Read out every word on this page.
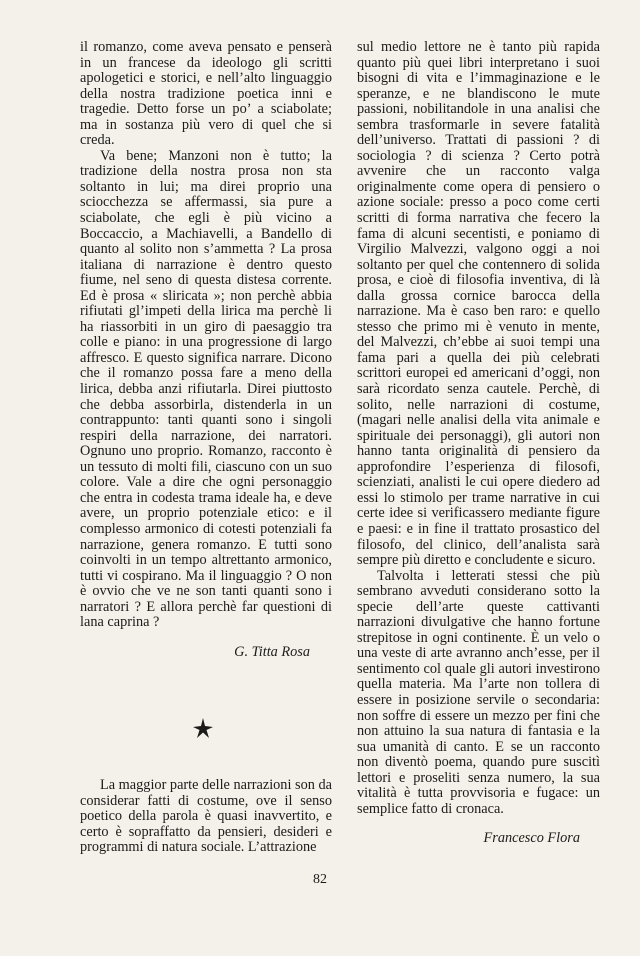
il romanzo, come aveva pensato e penserà in un francese da ideologo gli scritti apologetici e storici, e nell’alto linguaggio della nostra tradizione poetica inni e tragedie. Detto forse un po’ a sciabolate; ma in sostanza più vero di quel che si creda.

Va bene; Manzoni non è tutto; la tradizione della nostra prosa non sta soltanto in lui; ma direi proprio una sciocchezza se affermassi, sia pure a sciabolate, che egli è più vicino a Boccaccio, a Machiavelli, a Bandello di quanto al solito non s’ammetta ? La prosa italiana di narrazione è dentro questo fiume, nel seno di questa distesa corrente. Ed è prosa « sliricata »; non perchè abbia rifiutati gl’impeti della lirica ma perchè li ha riassorbiti in un giro di paesaggio tra colle e piano: in una progressione di largo affresco. E questo significa narrare. Dicono che il romanzo possa fare a meno della lirica, debba anzi rifiutarla. Direi piuttosto che debba assorbirla, distenderla in un contrappunto: tanti quanti sono i singoli respiri della narrazione, dei narratori. Ognuno uno proprio. Romanzo, racconto è un tessuto di molti fili, ciascuno con un suo colore. Vale a dire che ogni personaggio che entra in codesta trama ideale ha, e deve avere, un proprio potenziale etico: e il complesso armonico di cotesti potenziali fa narrazione, genera romanzo. E tutti sono coinvolti in un tempo altrettanto armonico, tutti vi cospirano. Ma il linguaggio ? O non è ovvio che ve ne son tanti quanti sono i narratori ? E allora perchè far questioni di lana caprina ?

G. Titta Rosa

La maggior parte delle narrazioni son da considerar fatti di costume, ove il senso poetico della parola è quasi inavvertito, e certo è sopraffatto da pensieri, desideri e programmi di natura sociale. L’attrazione

sul medio lettore ne è tanto più rapida quanto più quei libri interpretano i suoi bisogni di vita e l’immaginazione e le speranze, e ne blandiscono le mute passioni, nobilitandole in una analisi che sembra trasformarle in severe fatalità dell’universo. Trattati di passioni ? di sociologia ? di scienza ? Certo potrà avvenire che un racconto valga originalmente come opera di pensiero o azione sociale: presso a poco come certi scritti di forma narrativa che fecero la fama di alcuni secentisti, e poniamo di Virgilio Malvezzi, valgono oggi a noi soltanto per quel che contennero di solida prosa, e cioè di filosofia inventiva, di là dalla grossa cornice barocca della narrazione. Ma è caso ben raro: e quello stesso che primo mi è venuto in mente, del Malvezzi, ch’ebbe ai suoi tempi una fama pari a quella dei più celebrati scrittori europei ed americani d’oggi, non sarà ricordato senza cautele. Perchè, di solito, nelle narrazioni di costume, (magari nelle analisi della vita animale e spirituale dei personaggi), gli autori non hanno tanta originalità di pensiero da approfondire l’esperienza di filosofi, scienziati, analisti le cui opere diedero ad essi lo stimolo per trame narrative in cui certe idee si verificassero mediante figure e paesi: e in fine il trattato prosastico del filosofo, del clinico, dell’analista sarà sempre più diretto e concludente e sicuro.

Talvolta i letterati stessi che più sembrano avveduti considerano sotto la specie dell’arte queste cattivanti narrazioni divulgative che hanno fortune strepitose in ogni continente. È un velo o una veste di arte avranno anch’esse, per il sentimento col quale gli autori investirono quella materia. Ma l’arte non tollera di essere in posizione servile o secondaria: non soffre di essere un mezzo per fini che non attuino la sua natura di fantasia e la sua umanità di canto. E se un racconto non diventò poema, quando pure suscitì lettori e proseliti senza numero, la sua vitalità è tutta provvisoria e fugace: un semplice fatto di cronaca.

Francesco Flora
82
